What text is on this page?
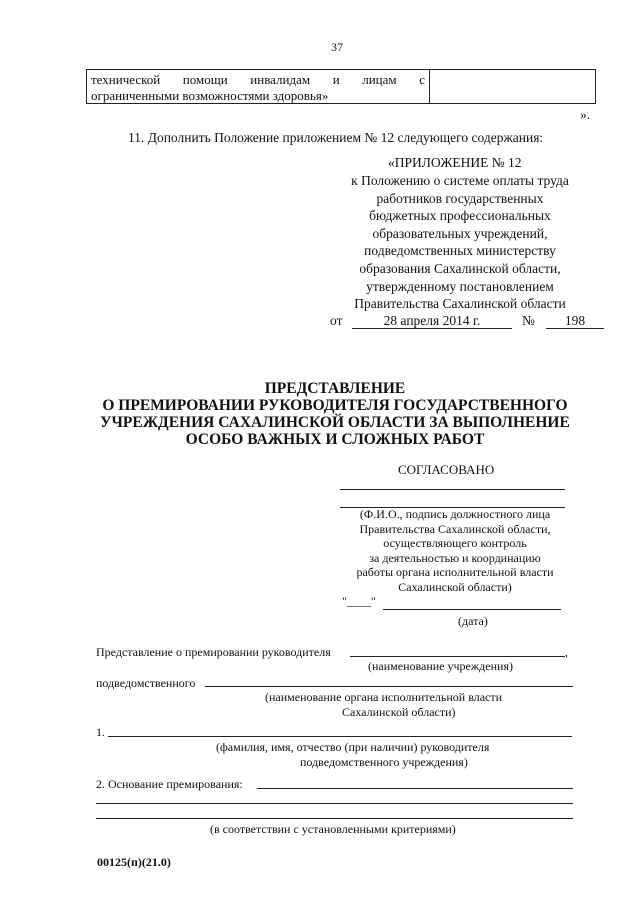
37
технической помощи инвалидам и лицам с
ограниченными возможностями здоровья»
».
11. Дополнить Положение приложением № 12 следующего содержания:
«ПРИЛОЖЕНИЕ № 12
к Положению о системе оплаты труда
работников государственных
бюджетных профессиональных
образовательных учреждений,
подведомственных министерству
образования Сахалинской области,
утвержденному постановлением
Правительства Сахалинской области
от	28 апреля 2014 г.	№	198
ПРЕДСТАВЛЕНИЕ
О ПРЕМИРОВАНИИ РУКОВОДИТЕЛЯ ГОСУДАРСТВЕННОГО
УЧРЕЖДЕНИЯ САХАЛИНСКОЙ ОБЛАСТИ ЗА ВЫПОЛНЕНИЕ
ОСОБО ВАЖНЫХ И СЛОЖНЫХ РАБОТ
СОГЛАСОВАНО
(Ф.И.О., подпись должностного лица
Правительства Сахалинской области,
осуществляющего контроль
за деятельностью и координацию
работы органа исполнительной власти
Сахалинской области)
"____"
(дата)
Представление о премировании руководителя	,
(наименование учреждения)
подведомственного
(наименование органа исполнительной власти
Сахалинской области)
1.
(фамилия, имя, отчество (при наличии) руководителя
подведомственного учреждения)
2. Основание премирования:
(в соответствии с установленными критериями)
00125(п)(21.0)
